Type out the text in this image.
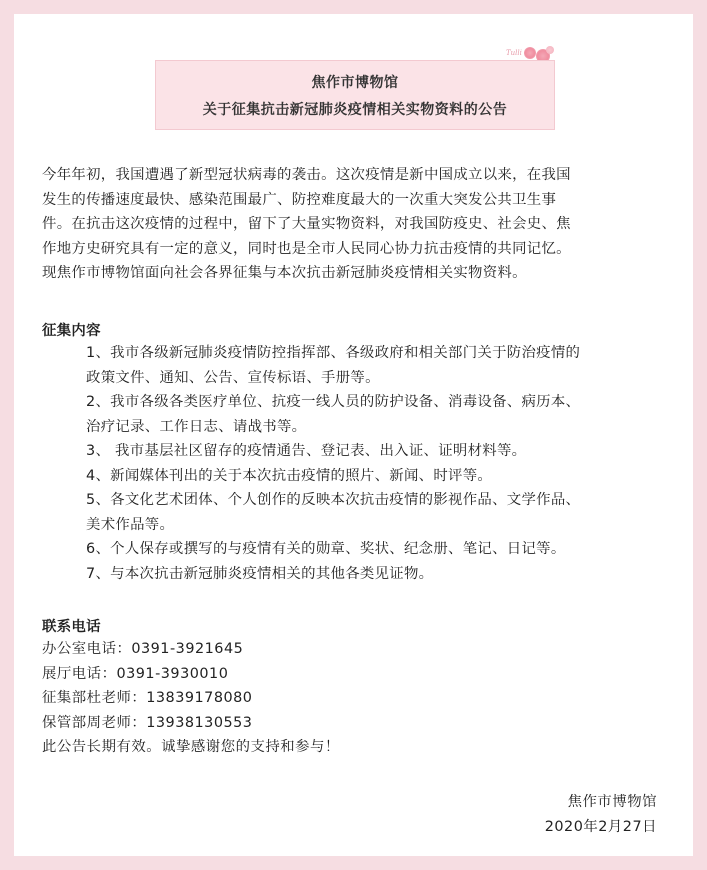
Tulli
焦作市博物馆
关于征集抗击新冠肺炎疫情相关实物资料的公告

今年年初，我国遭遇了新型冠状病毒的袭击。这次疫情是新中国成立以来，在我国

发生的传播速度最快、感染范围最广、防控难度最大的一次重大突发公共卫生事

件。在抗击这次疫情的过程中，留下了大量实物资料，对我国防疫史、社会史、焦

作地方史研究具有一定的意义，同时也是全市人民同心协力抗击疫情的共同记忆。

现焦作市博物馆面向社会各界征集与本次抗击新冠肺炎疫情相关实物资料。

征集内容
1、我市各级新冠肺炎疫情防控指挥部、各级政府和相关部门关于防治疫情的
政策文件、通知、公告、宣传标语、手册等。
2、我市各级各类医疗单位、抗疫一线人员的防护设备、消毒设备、病历本、
治疗记录、工作日志、请战书等。
3、 我市基层社区留存的疫情通告、登记表、出入证、证明材料等。
4、新闻媒体刊出的关于本次抗击疫情的照片、新闻、时评等。
5、各文化艺术团体、个人创作的反映本次抗击疫情的影视作品、文学作品、
美术作品等。
6、个人保存或撰写的与疫情有关的勋章、奖状、纪念册、笔记、日记等。
7、与本次抗击新冠肺炎疫情相关的其他各类见证物。
联系电话
办公室电话：0391-3921645
展厅电话：0391-3930010
征集部杜老师：13839178080
保管部周老师：13938130553
此公告长期有效。诚挚感谢您的支持和参与！
焦作市博物馆
2020年2月27日
